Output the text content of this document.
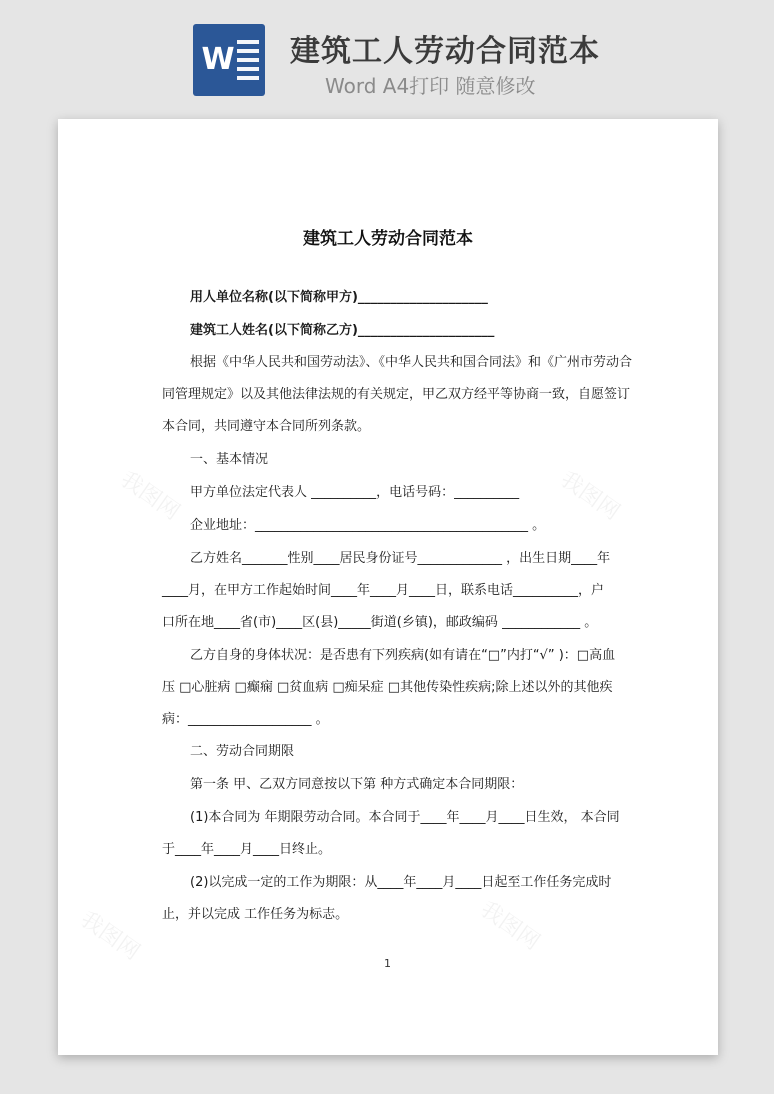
W 建筑工人劳动合同范本
Word A4打印 随意修改
我图网	我图网
我图网	我图网
建筑工人劳动合同范本
用人单位名称(以下简称甲方)____________________
建筑工人姓名(以下简称乙方)_____________________
根据《中华人民共和国劳动法》、《中华人民共和国合同法》和《广州市劳动合
同管理规定》以及其他法律法规的有关规定，甲乙双方经平等协商一致，自愿签订
本合同，共同遵守本合同所列条款。
一、基本情况
甲方单位法定代表人 __________，电话号码：__________
企业地址：__________________________________________ 。
乙方姓名_______性别____居民身份证号_____________ ，出生日期____年
____月，在甲方工作起始时间____年____月____日，联系电话__________，户
口所在地____省(市)____区(县)_____街道(乡镇)，邮政编码 ____________ 。
乙方自身的身体状况：是否患有下列疾病(如有请在“□”内打“√” )：□高血
压 □心脏病 □癫痫 □贫血病 □痴呆症 □其他传染性疾病;除上述以外的其他疾
病：___________________ 。
二、劳动合同期限
第一条 甲、乙双方同意按以下第 种方式确定本合同期限：
(1)本合同为 年期限劳动合同。本合同于____年____月____日生效， 本合同
于____年____月____日终止。
(2)以完成一定的工作为期限：从____年____月____日起至工作任务完成时
止，并以完成 工作任务为标志。
1
